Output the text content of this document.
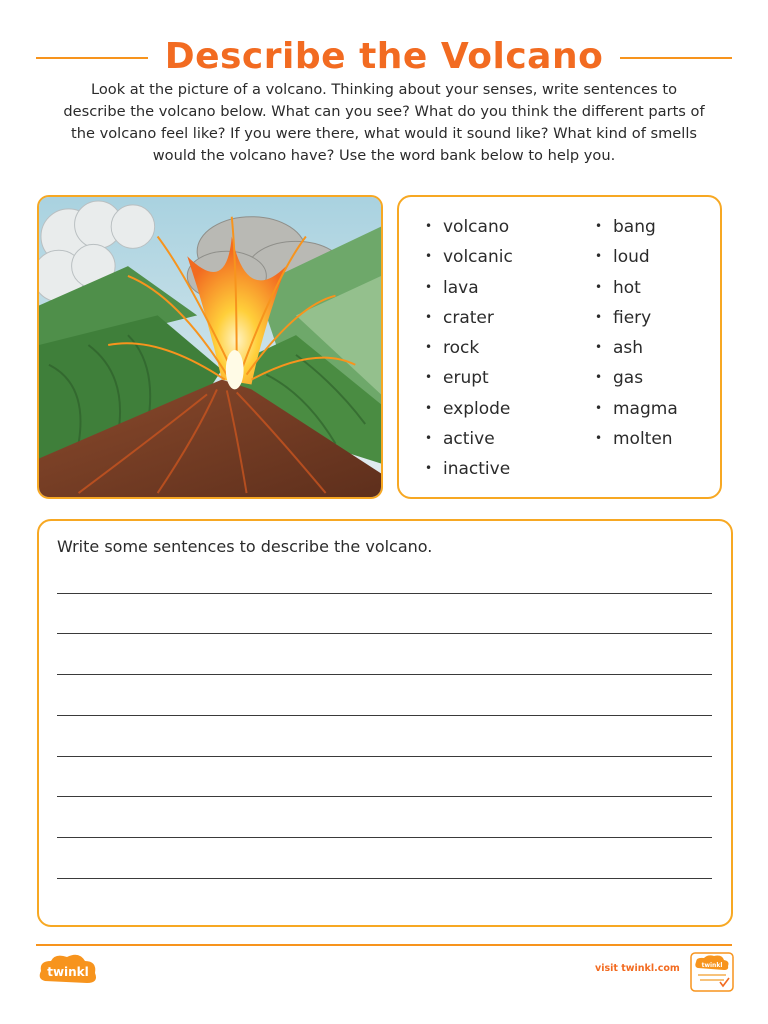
Describe the Volcano

Look at the picture of a volcano. Thinking about your senses, write sentences to describe the volcano below. What can you see? What do you think the different parts of the volcano feel like? If you were there, what would it sound like? What kind of smells would the volcano have? Use the word bank below to help you.

• volcano
• volcanic
• lava
• crater
• rock
• erupt
• explode
• active
• inactive
• bang
• loud
• hot
• fiery
• ash
• gas
• magma
• molten

Write some sentences to describe the volcano.

twinkl	visit twinkl.com	twinkl
